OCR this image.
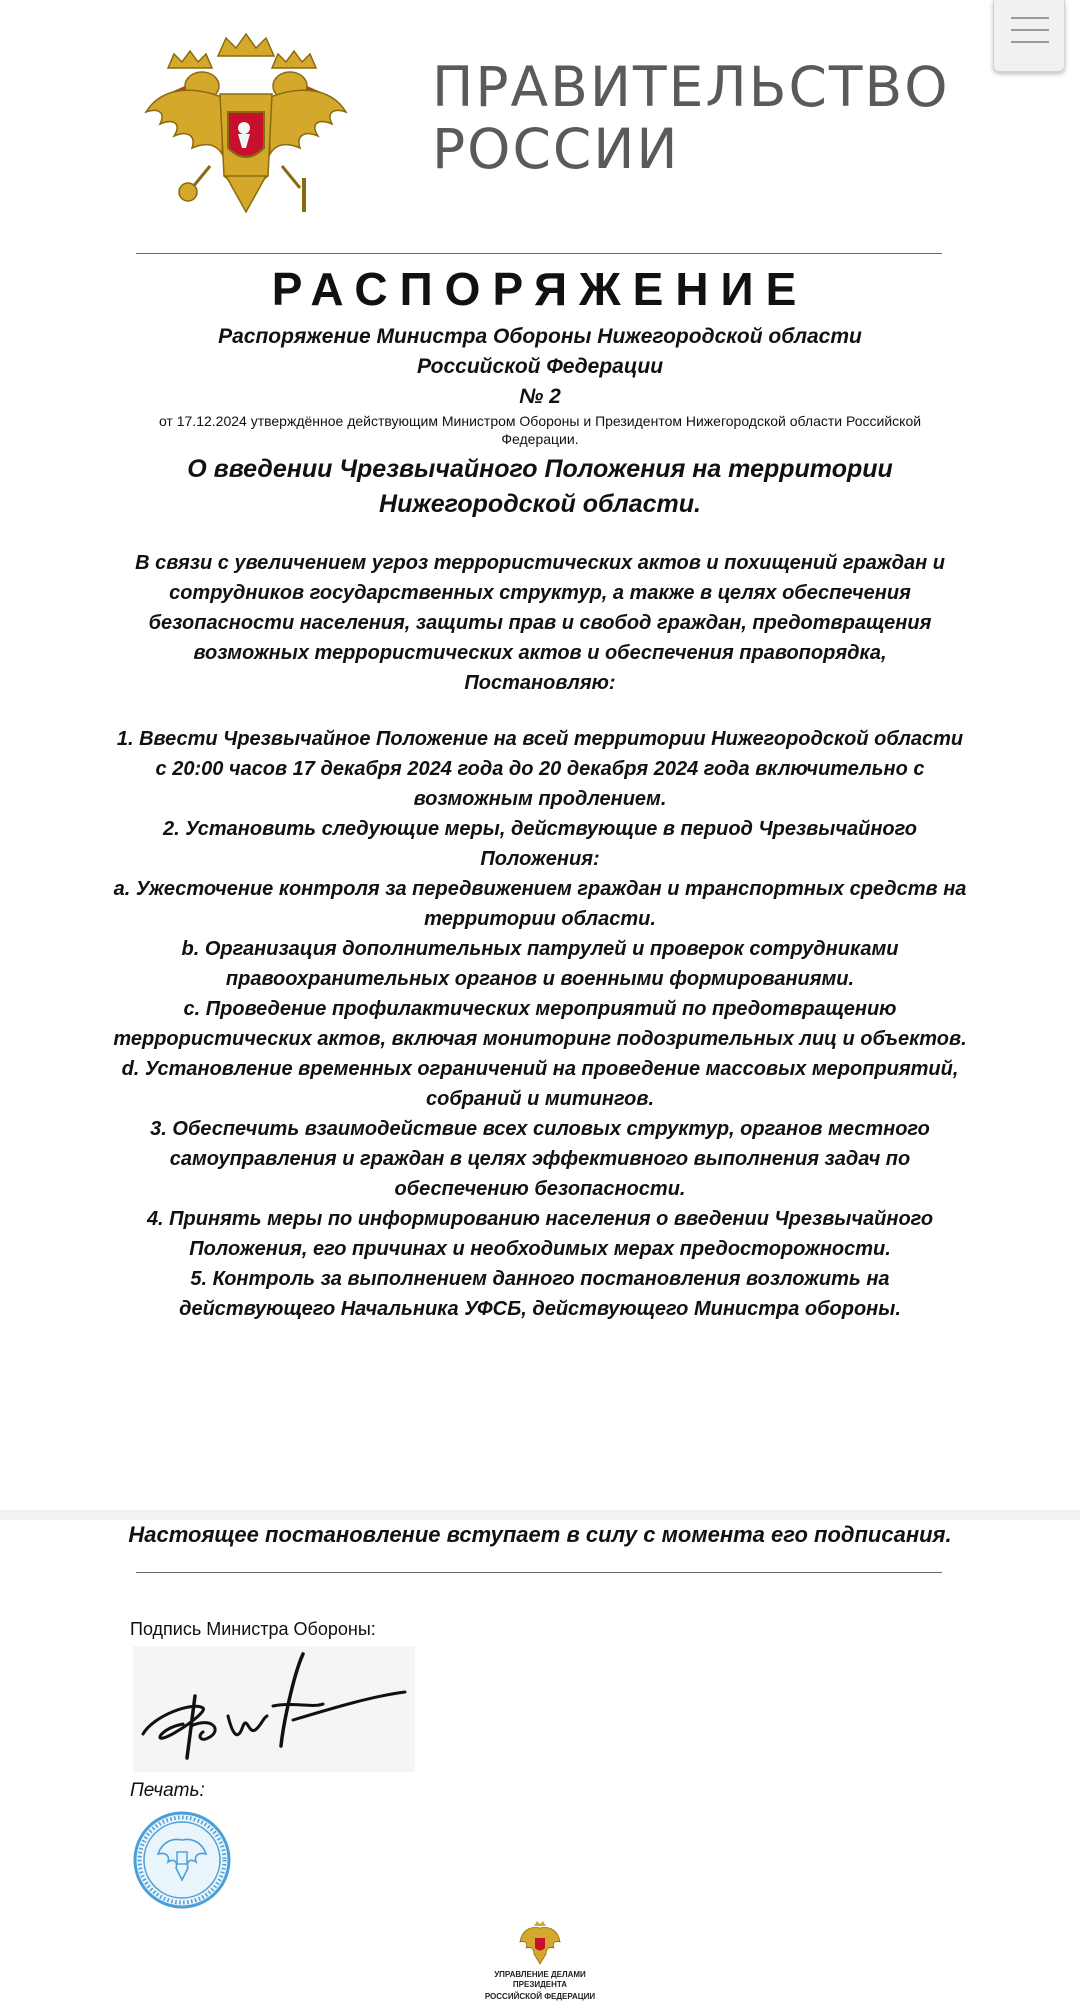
ПРАВИТЕЛЬСТВО
РОССИИ
РАСПОРЯЖЕНИЕ
Распоряжение Министра Обороны Нижегородской области Российской Федерации
№ 2
от 17.12.2024 утверждённое действующим Министром Обороны и Президентом Нижегородской области Российской Федерации.
О введении Чрезвычайного Положения на территории Нижегородской области.
В связи с увеличением угроз террористических актов и похищений граждан и сотрудников государственных структур, а также в целях обеспечения безопасности населения, защиты прав и свобод граждан, предотвращения возможных террористических актов и обеспечения правопорядка,
Постановляю:
1. Ввести Чрезвычайное Положение на всей территории Нижегородской области с 20:00 часов 17 декабря 2024 года до 20 декабря 2024 года включительно с возможным продлением.
2. Установить следующие меры, действующие в период Чрезвычайного Положения:
a. Ужесточение контроля за передвижением граждан и транспортных средств на территории области.
b. Организация дополнительных патрулей и проверок сотрудниками правоохранительных органов и военными формированиями.
c. Проведение профилактических мероприятий по предотвращению террористических актов, включая мониторинг подозрительных лиц и объектов.
d. Установление временных ограничений на проведение массовых мероприятий, собраний и митингов.
3. Обеспечить взаимодействие всех силовых структур, органов местного самоуправления и граждан в целях эффективного выполнения задач по обеспечению безопасности.
4. Принять меры по информированию населения о введении Чрезвычайного Положения, его причинах и необходимых мерах предосторожности.
5. Контроль за выполнением данного постановления возложить на действующего Начальника УФСБ, действующего Министра обороны.
Настоящее постановление вступает в силу с момента его подписания.
Подпись Министра Обороны:
Печать:
УПРАВЛЕНИЕ ДЕЛАМИ ПРЕЗИДЕНТА
РОССИЙСКОЙ ФЕДЕРАЦИИ
